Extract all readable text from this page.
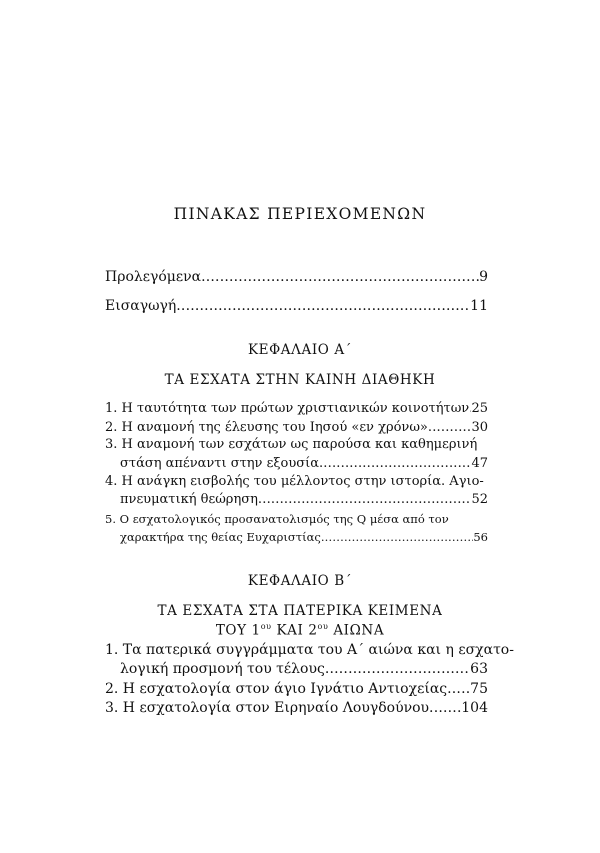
ΠΙΝΑΚΑΣ ΠΕΡΙΕΧΟΜΕΝΩΝ
Προλεγόμενα .....	9
Εισαγωγή .....	11
ΚΕΦΑΛΑΙΟ Α΄
ΤΑ ΕΣΧΑΤΑ ΣΤΗΝ ΚΑΙΝΗ ΔΙΑΘΗΚΗ
1. Η ταυτότητα των πρώτων χριστιανικών κοινοτήτων ..... 25
2. Η αναμονή της έλευσης του Ιησού «εν χρόνω» .....	30
3. Η αναμονή των εσχάτων ως παρούσα και καθημερινή
στάση απέναντι στην εξουσία .....	47
4. Η ανάγκη εισβολής του μέλλοντος στην ιστορία. Αγιο-
πνευματική θεώρηση .....	52
5. Ο εσχατολογικός προσανατολισμός της Q μέσα από τον
χαρακτήρα της θείας Ευχαριστίας .....	56
ΚΕΦΑΛΑΙΟ Β΄
ΤΑ ΕΣΧΑΤΑ ΣΤΑ ΠΑΤΕΡΙΚΑ ΚΕΙΜΕΝΑ
ΤΟΥ $1^{o\upsilon}$ ΚΑΙ $2^{o\upsilon}$ ΑΙΩΝΑ
1. Τα πατερικά συγγράμματα του Α΄ αιώνα και η εσχατο-
λογική προσμονή του τέλους .....	63
2. Η εσχατολογία στον άγιο Ιγνάτιο Αντιοχείας ..... 75
3. Η εσχατολογία στον Ειρηναίο Λουγδούνου ..... 104
